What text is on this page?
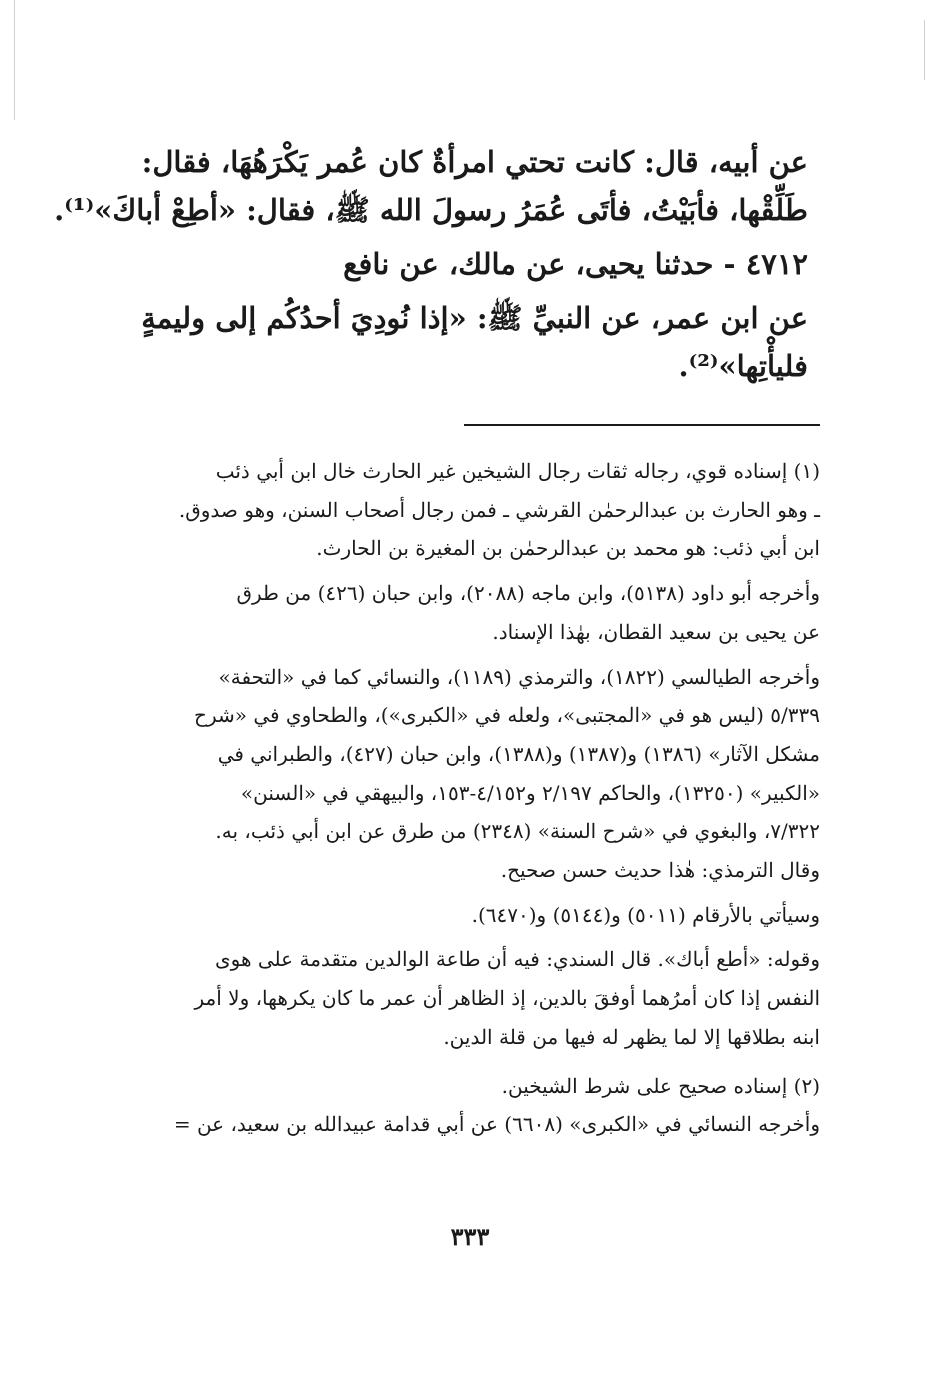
عن أبيه، قال: كانت تحتي امرأةٌ كان عُمر يَكْرَهُهَا، فقال:
طَلِّقْها، فأبَيْتُ، فأتَى عُمَرُ رسولَ الله ﷺ، فقال: «أطِعْ أباكَ»⁽¹⁾.
٤٧١٢ - حدثنا يحيى، عن مالك، عن نافع
عن ابن عمر، عن النبيِّ ﷺ: «إذا نُودِيَ أحدُكُم إلى وليمةٍ
فليأْتِها»⁽²⁾.
(١) إسناده قوي، رجاله ثقات رجال الشيخين غير الحارث خال ابن أبي ذئب
ـ وهو الحارث بن عبدالرحمٰن القرشي ـ فمن رجال أصحاب السنن، وهو صدوق.
ابن أبي ذئب: هو محمد بن عبدالرحمٰن بن المغيرة بن الحارث.
وأخرجه أبو داود (٥١٣٨)، وابن ماجه (٢٠٨٨)، وابن حبان (٤٢٦) من طرق
عن يحيى بن سعيد القطان، بهٰذا الإسناد.
وأخرجه الطيالسي (١٨٢٢)، والترمذي (١١٨٩)، والنسائي كما في «التحفة»
٥/٣٣٩ (ليس هو في «المجتبى»، ولعله في «الكبرى»)، والطحاوي في «شرح
مشكل الآثار» (١٣٨٦) و(١٣٨٧) و(١٣٨٨)، وابن حبان (٤٢٧)، والطبراني في
«الكبير» (١٣٢٥٠)، والحاكم ٢/١٩٧ و٤/١٥٢-١٥٣، والبيهقي في «السنن»
٧/٣٢٢، والبغوي في «شرح السنة» (٢٣٤٨) من طرق عن ابن أبي ذئب، به.
وقال الترمذي: هٰذا حديث حسن صحيح.
وسيأتي بالأرقام (٥٠١١) و(٥١٤٤) و(٦٤٧٠).
وقوله: «أطع أباك». قال السندي: فيه أن طاعة الوالدين متقدمة على هوى
النفس إذا كان أمرُهما أوفقَ بالدين، إذ الظاهر أن عمر ما كان يكرهها، ولا أمر
ابنه بطلاقها إلا لما يظهر له فيها من قلة الدين.
(٢) إسناده صحيح على شرط الشيخين.
وأخرجه النسائي في «الكبرى» (٦٦٠٨) عن أبي قدامة عبيدالله بن سعيد، عن =
٣٣٣
